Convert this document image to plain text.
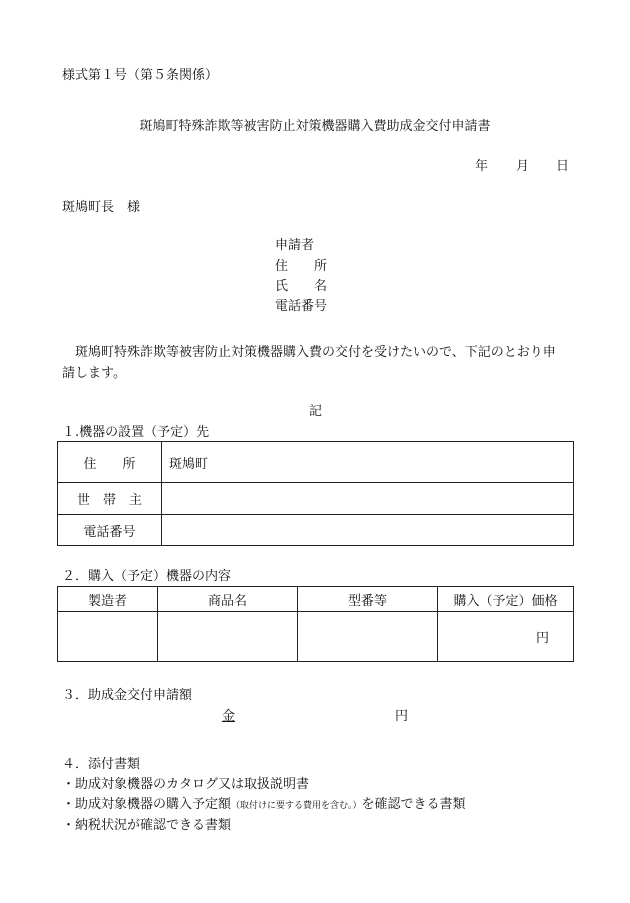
様式第１号（第５条関係）
斑鳩町特殊詐欺等被害防止対策機器購入費助成金交付申請書
年 月 日
斑鳩町長　様
申請者
住　　所
氏　　名
電話番号
斑鳩町特殊詐欺等被害防止対策機器購入費の交付を受けたいので、下記のとおり申
請します。
記
１.機器の設置（予定）先
住　　所	斑鳩町
世　帯　主	
電話番号	
２．購入（予定）機器の内容
製造者	商品名	型番等	購入（予定）価格
			円
３．助成金交付申請額
金	円
４．添付書類
・助成対象機器のカタログ又は取扱説明書
・助成対象機器の購入予定額（取付けに要する費用を含む。）を確認できる書類
・納税状況が確認できる書類
